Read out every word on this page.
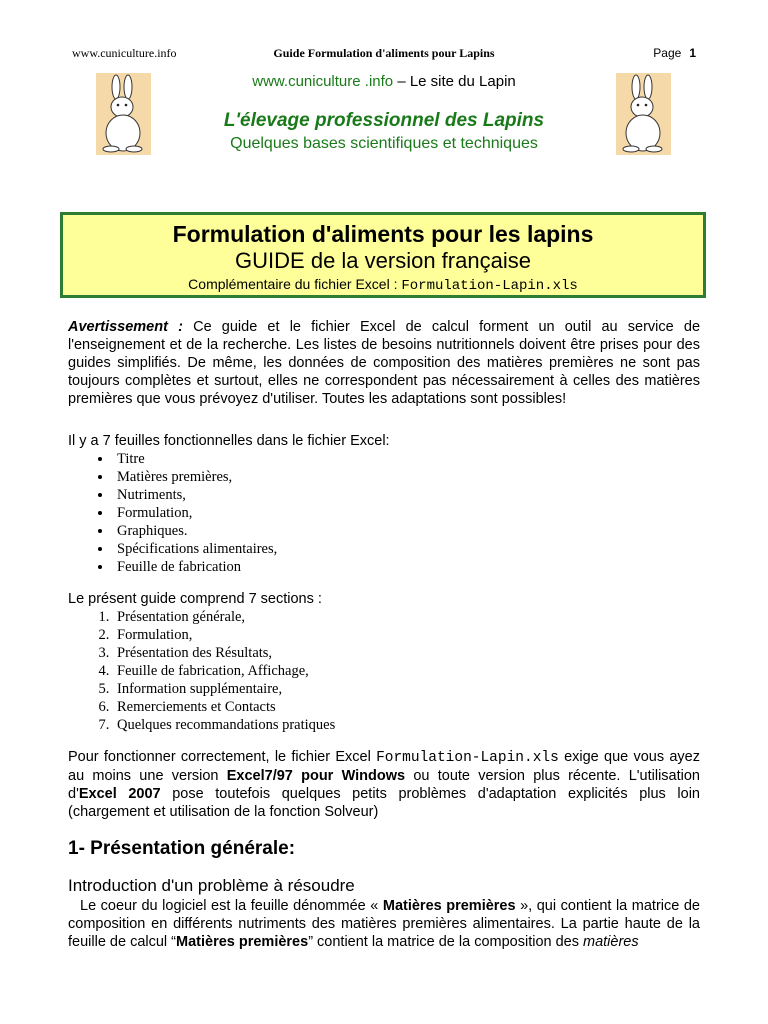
www.cuniculture.info	Guide Formulation d'aliments pour Lapins	Page 1
www.cuniculture .info – Le site du Lapin
L'élevage professionnel des Lapins
Quelques bases scientifiques et techniques
Formulation d'aliments pour les lapins
GUIDE de la version française
Complémentaire du fichier Excel : Formulation-Lapin.xls

Avertissement : Ce guide et le fichier Excel de calcul forment un outil au service de l'enseignement et de la recherche. Les listes de besoins nutritionnels doivent être prises pour des guides simplifiés. De même, les données de composition des matières premières ne sont pas toujours complètes et surtout, elles ne correspondent pas nécessairement à celles des matières premières que vous prévoyez d'utiliser. Toutes les adaptations sont possibles!

Il y a 7 feuilles fonctionnelles dans le fichier Excel:

• Titre
• Matières premières,
• Nutriments,
• Formulation,
• Graphiques.
• Spécifications alimentaires,
• Feuille de fabrication

Le présent guide comprend 7 sections :

1. Présentation générale,
2. Formulation,
3. Présentation des Résultats,
4. Feuille de fabrication, Affichage,
5. Information supplémentaire,
6. Remerciements et Contacts
7. Quelques recommandations pratiques

Pour fonctionner correctement, le fichier Excel Formulation-Lapin.xls exige que vous ayez au moins une version Excel7/97 pour Windows ou toute version plus récente. L'utilisation d'Excel 2007 pose toutefois quelques petits problèmes d'adaptation explicités plus loin (chargement et utilisation de la fonction Solveur)

1- Présentation générale:
Introduction d'un problème à résoudre

Le coeur du logiciel est la feuille dénommée « Matières premières », qui contient la matrice de composition en différents nutriments des matières premières alimentaires. La partie haute de la feuille de calcul “Matières premières” contient la matrice de la composition des matières
